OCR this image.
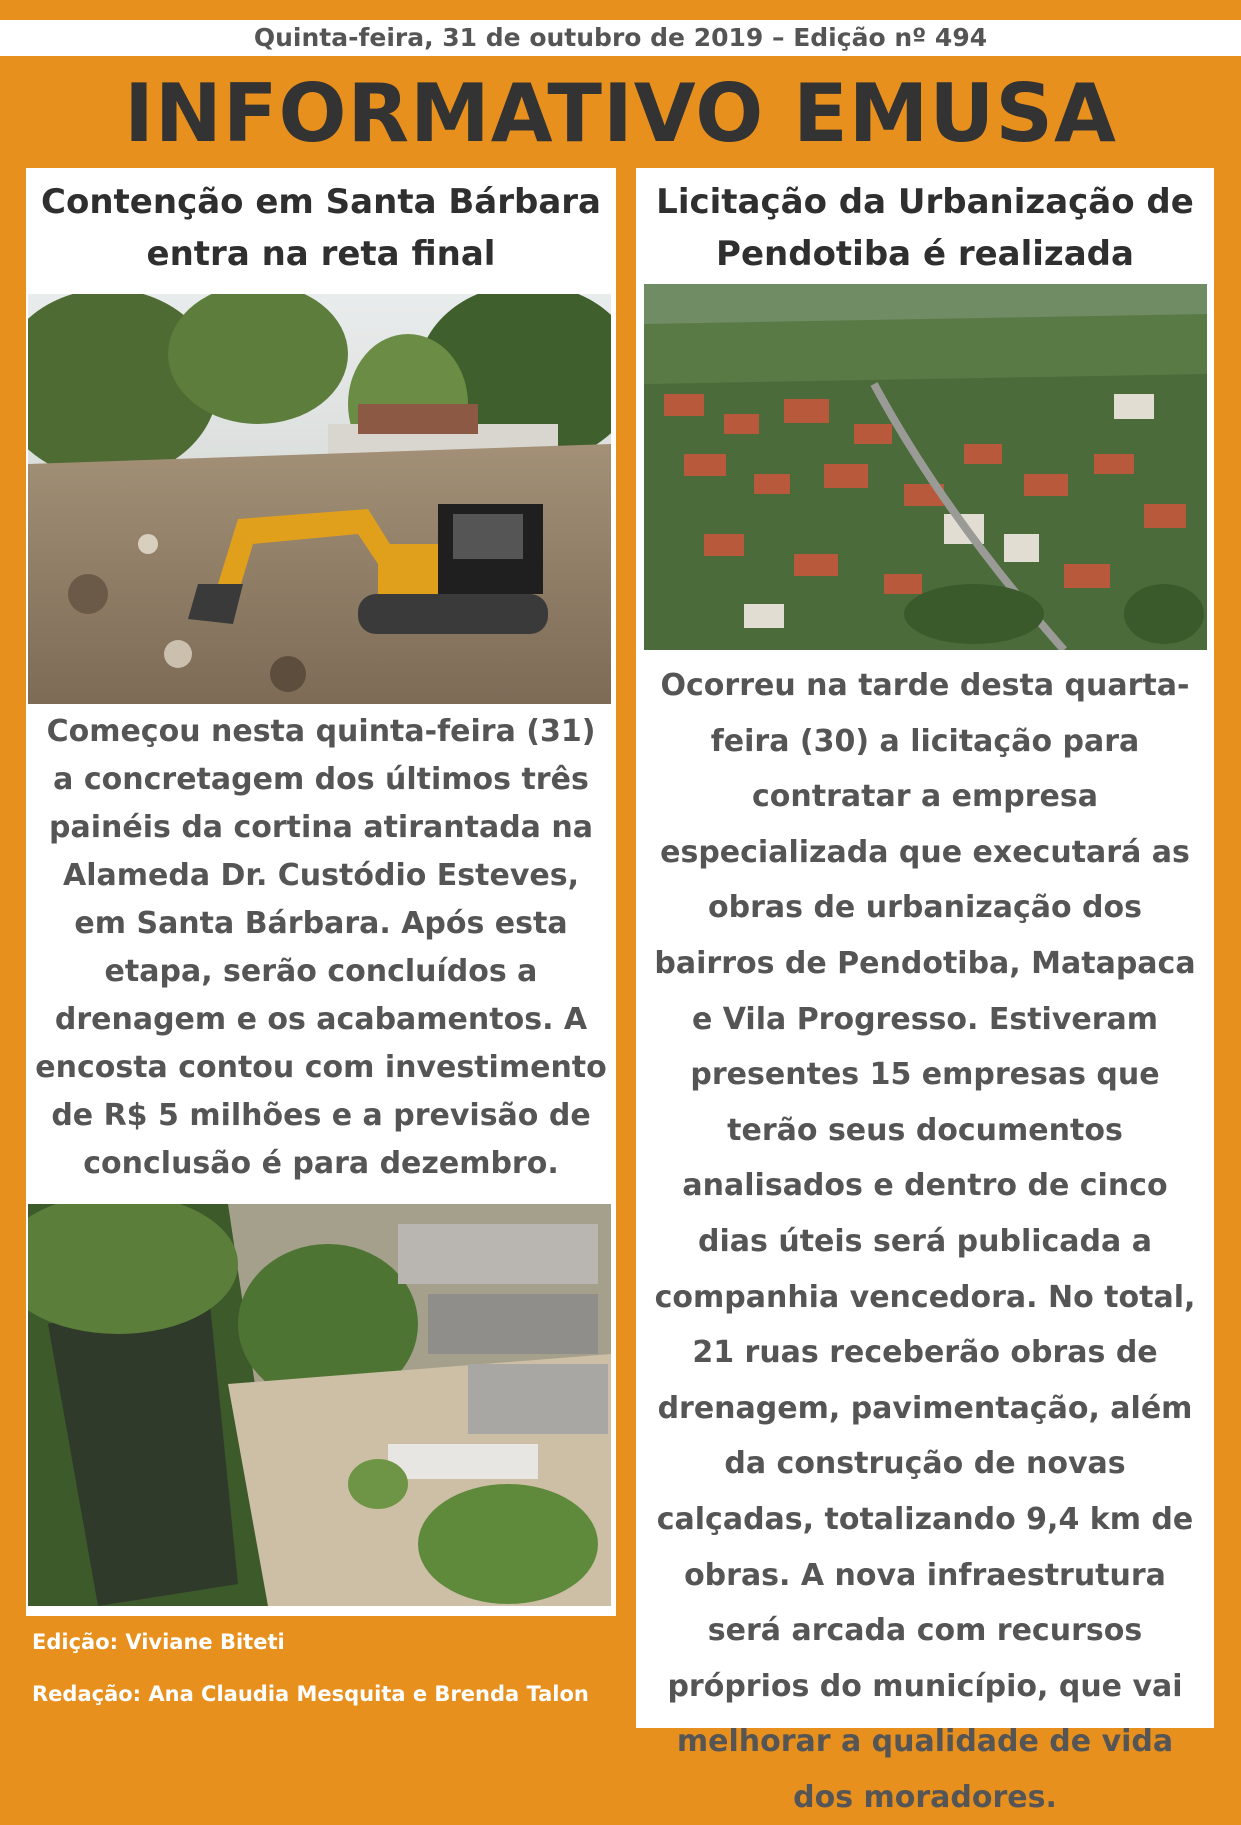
Quinta-feira, 31 de outubro de 2019 – Edição nº 494
INFORMATIVO EMUSA
Contenção em Santa Bárbara
entra na reta final
Começou nesta quinta-feira (31) a concretagem dos últimos três painéis da cortina atirantada na Alameda Dr. Custódio Esteves, em Santa Bárbara. Após esta etapa, serão concluídos a drenagem e os acabamentos. A encosta contou com investimento de R$ 5 milhões e a previsão de conclusão é para dezembro.
Licitação da Urbanização de
Pendotiba é realizada
Ocorreu na tarde desta quarta-feira (30) a licitação para contratar a empresa especializada que executará as obras de urbanização dos bairros de Pendotiba, Matapaca e Vila Progresso. Estiveram presentes 15 empresas que terão seus documentos analisados e dentro de cinco dias úteis será publicada a companhia vencedora. No total, 21 ruas receberão obras de drenagem, pavimentação, além da construção de novas calçadas, totalizando 9,4 km de obras. A nova infraestrutura será arcada com recursos próprios do município, que vai melhorar a qualidade de vida dos moradores.
Edição: Viviane Biteti
Redação: Ana Claudia Mesquita e Brenda Talon
